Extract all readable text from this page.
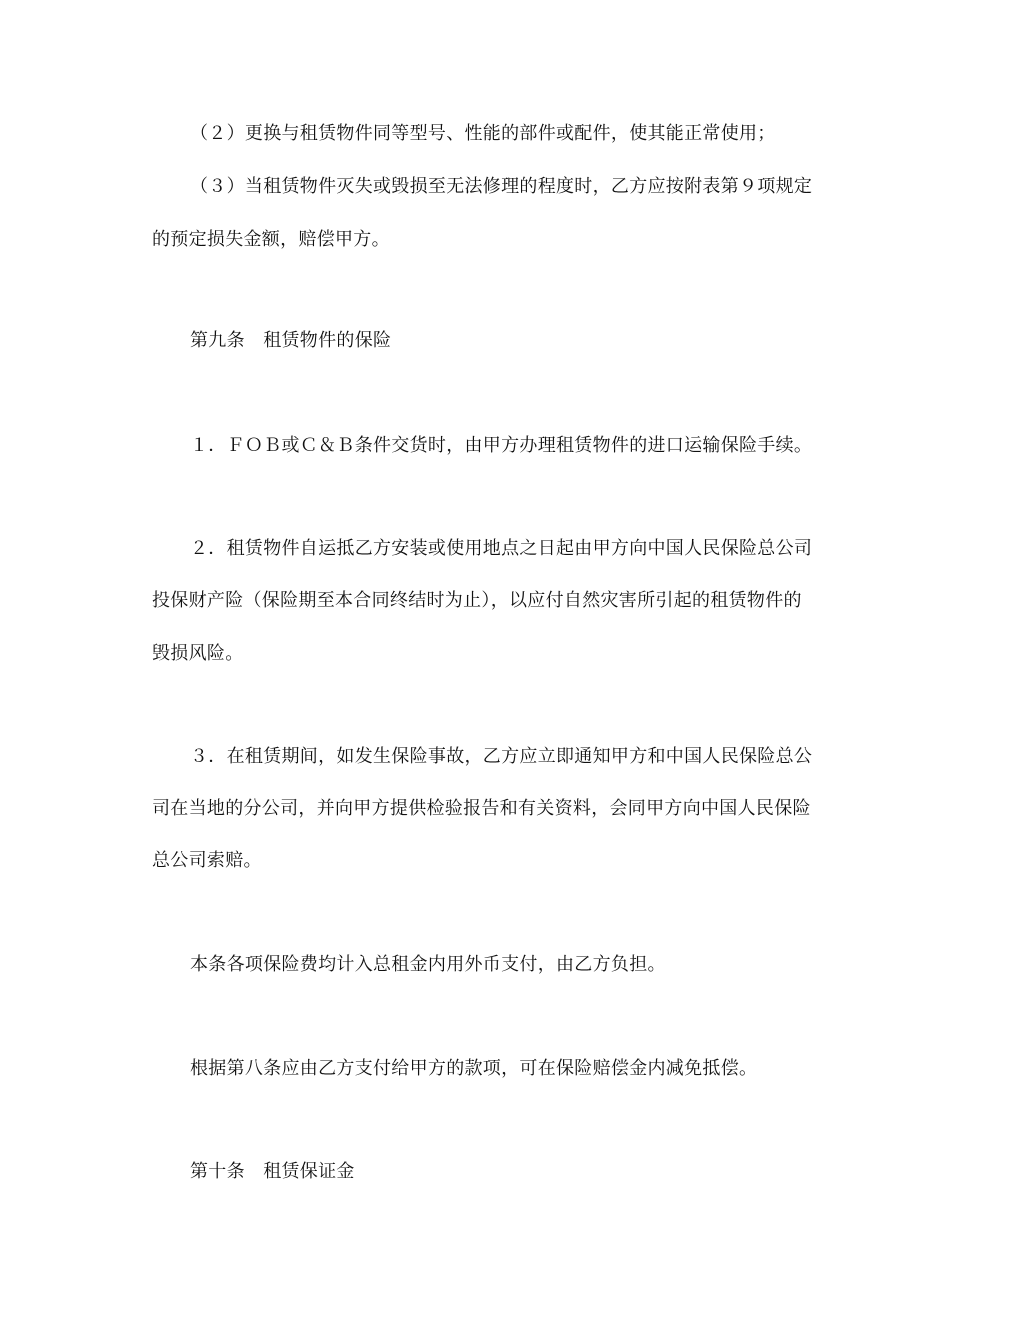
（２）更换与租赁物件同等型号、性能的部件或配件，使其能正常使用；
（３）当租赁物件灭失或毁损至无法修理的程度时，乙方应按附表第９项规定
的预定损失金额，赔偿甲方。
第九条　租赁物件的保险
１．ＦＯＢ或Ｃ＆Ｂ条件交货时，由甲方办理租赁物件的进口运输保险手续。
２．租赁物件自运抵乙方安装或使用地点之日起由甲方向中国人民保险总公司
投保财产险（保险期至本合同终结时为止），以应付自然灾害所引起的租赁物件的
毁损风险。
３．在租赁期间，如发生保险事故，乙方应立即通知甲方和中国人民保险总公
司在当地的分公司，并向甲方提供检验报告和有关资料，会同甲方向中国人民保险
总公司索赔。
本条各项保险费均计入总租金内用外币支付，由乙方负担。
根据第八条应由乙方支付给甲方的款项，可在保险赔偿金内减免抵偿。
第十条　租赁保证金
